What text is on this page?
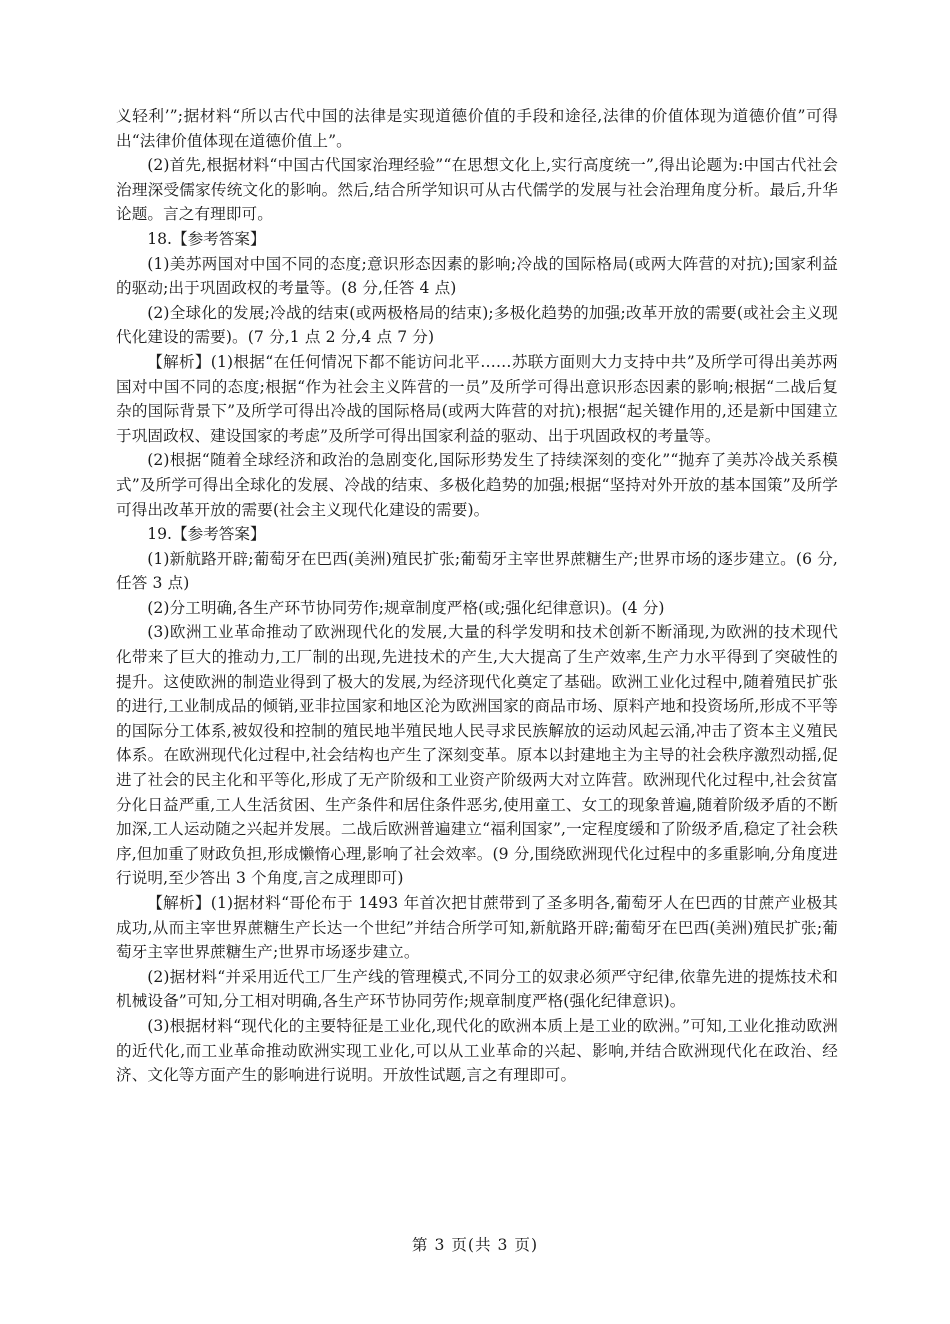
义轻利’”;据材料“所以古代中国的法律是实现道德价值的手段和途径,法律的价值体现为道德价值”可得出“法律价值体现在道德价值上”。

(2)首先,根据材料“中国古代国家治理经验”“在思想文化上,实行高度统一”,得出论题为:中国古代社会治理深受儒家传统文化的影响。然后,结合所学知识可从古代儒学的发展与社会治理角度分析。最后,升华论题。言之有理即可。

18.【参考答案】

(1)美苏两国对中国不同的态度;意识形态因素的影响;冷战的国际格局(或两大阵营的对抗);国家利益的驱动;出于巩固政权的考量等。(8 分,任答 4 点)

(2)全球化的发展;冷战的结束(或两极格局的结束);多极化趋势的加强;改革开放的需要(或社会主义现代化建设的需要)。(7 分,1 点 2 分,4 点 7 分)

【解析】(1)根据“在任何情况下都不能访问北平……苏联方面则大力支持中共”及所学可得出美苏两国对中国不同的态度;根据“作为社会主义阵营的一员”及所学可得出意识形态因素的影响;根据“二战后复杂的国际背景下”及所学可得出冷战的国际格局(或两大阵营的对抗);根据“起关键作用的,还是新中国建立于巩固政权、建设国家的考虑”及所学可得出国家利益的驱动、出于巩固政权的考量等。

(2)根据“随着全球经济和政治的急剧变化,国际形势发生了持续深刻的变化”“抛弃了美苏冷战关系模式”及所学可得出全球化的发展、冷战的结束、多极化趋势的加强;根据“坚持对外开放的基本国策”及所学可得出改革开放的需要(社会主义现代化建设的需要)。

19.【参考答案】

(1)新航路开辟;葡萄牙在巴西(美洲)殖民扩张;葡萄牙主宰世界蔗糖生产;世界市场的逐步建立。(6 分,任答 3 点)

(2)分工明确,各生产环节协同劳作;规章制度严格(或;强化纪律意识)。(4 分)

(3)欧洲工业革命推动了欧洲现代化的发展,大量的科学发明和技术创新不断涌现,为欧洲的技术现代化带来了巨大的推动力,工厂制的出现,先进技术的产生,大大提高了生产效率,生产力水平得到了突破性的提升。这使欧洲的制造业得到了极大的发展,为经济现代化奠定了基础。欧洲工业化过程中,随着殖民扩张的进行,工业制成品的倾销,亚非拉国家和地区沦为欧洲国家的商品市场、原料产地和投资场所,形成不平等的国际分工体系,被奴役和控制的殖民地半殖民地人民寻求民族解放的运动风起云涌,冲击了资本主义殖民体系。在欧洲现代化过程中,社会结构也产生了深刻变革。原本以封建地主为主导的社会秩序激烈动摇,促进了社会的民主化和平等化,形成了无产阶级和工业资产阶级两大对立阵营。欧洲现代化过程中,社会贫富分化日益严重,工人生活贫困、生产条件和居住条件恶劣,使用童工、女工的现象普遍,随着阶级矛盾的不断加深,工人运动随之兴起并发展。二战后欧洲普遍建立“福利国家”,一定程度缓和了阶级矛盾,稳定了社会秩序,但加重了财政负担,形成懒惰心理,影响了社会效率。(9 分,围绕欧洲现代化过程中的多重影响,分角度进行说明,至少答出 3 个角度,言之成理即可)

【解析】(1)据材料“哥伦布于 1493 年首次把甘蔗带到了圣多明各,葡萄牙人在巴西的甘蔗产业极其成功,从而主宰世界蔗糖生产长达一个世纪”并结合所学可知,新航路开辟;葡萄牙在巴西(美洲)殖民扩张;葡萄牙主宰世界蔗糖生产;世界市场逐步建立。

(2)据材料“并采用近代工厂生产线的管理模式,不同分工的奴隶必须严守纪律,依靠先进的提炼技术和机械设备”可知,分工相对明确,各生产环节协同劳作;规章制度严格(强化纪律意识)。

(3)根据材料“现代化的主要特征是工业化,现代化的欧洲本质上是工业的欧洲。”可知,工业化推动欧洲的近代化,而工业革命推动欧洲实现工业化,可以从工业革命的兴起、影响,并结合欧洲现代化在政治、经济、文化等方面产生的影响进行说明。开放性试题,言之有理即可。

第 3 页(共 3 页)
